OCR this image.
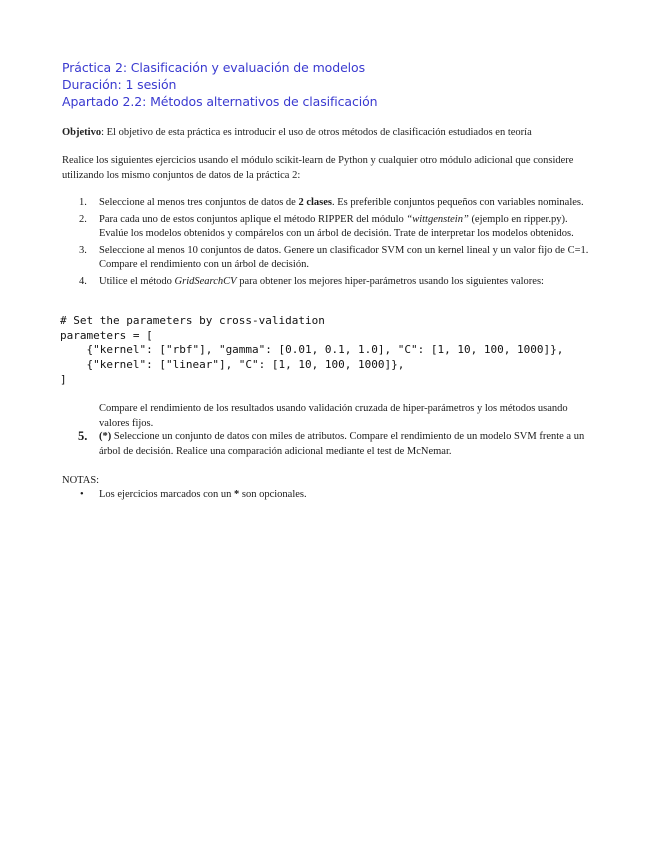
Práctica 2: Clasificación y evaluación de modelos
Duración: 1 sesión
Apartado 2.2: Métodos alternativos de clasificación
Objetivo: El objetivo de esta práctica es introducir el uso de otros métodos de clasificación estudiados en teoría
Realice los siguientes ejercicios usando el módulo scikit-learn de Python y cualquier otro módulo adicional que considere utilizando los mismo conjuntos de datos de la práctica 2:
1. Seleccione al menos tres conjuntos de datos de 2 clases. Es preferible conjuntos pequeños con variables nominales.
2. Para cada uno de estos conjuntos aplique el método RIPPER del módulo “wittgenstein” (ejemplo en ripper.py). Evalúe los modelos obtenidos y compárelos con un árbol de decisión. Trate de interpretar los modelos obtenidos.
3. Seleccione al menos 10 conjuntos de datos. Genere un clasificador SVM con un kernel lineal y un valor fijo de C=1. Compare el rendimiento con un árbol de decisión.
4. Utilice el método GridSearchCV para obtener los mejores hiper-parámetros usando los siguientes valores:
# Set the parameters by cross-validation
parameters = [
{"kernel": ["rbf"], "gamma": [0.01, 0.1, 1.0], "C": [1, 10, 100, 1000]},
{"kernel": ["linear"], "C": [1, 10, 100, 1000]},
]
Compare el rendimiento de los resultados usando validación cruzada de hiper-parámetros y los métodos usando valores fijos.
5.	(*) Seleccione un conjunto de datos con miles de atributos. Compare el rendimiento de un modelo SVM frente a un árbol de decisión. Realice una comparación adicional mediante el test de McNemar.
NOTAS:
• Los ejercicios marcados con un * son opcionales.
